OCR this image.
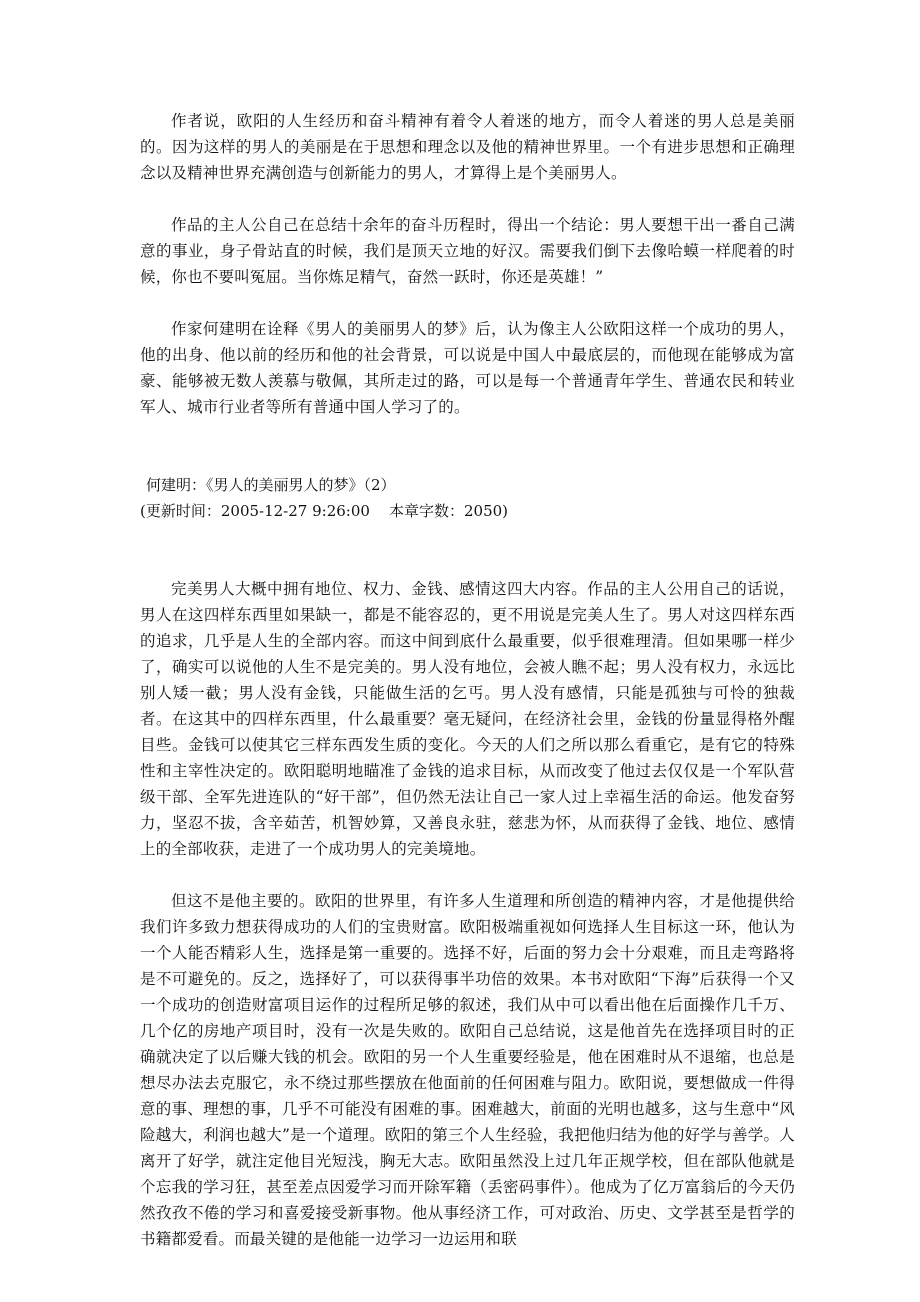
作者说，欧阳的人生经历和奋斗精神有着令人着迷的地方，而令人着迷的男人总是美丽的。因为这样的男人的美丽是在于思想和理念以及他的精神世界里。一个有进步思想和正确理念以及精神世界充满创造与创新能力的男人，才算得上是个美丽男人。

作品的主人公自己在总结十余年的奋斗历程时，得出一个结论：男人要想干出一番自己满意的事业，身子骨站直的时候，我们是顶天立地的好汉。需要我们倒下去像哈蟆一样爬着的时候，你也不要叫冤屈。当你炼足精气，奋然一跃时，你还是英雄！”

作家何建明在诠释《男人的美丽男人的梦》后，认为像主人公欧阳这样一个成功的男人，他的出身、他以前的经历和他的社会背景，可以说是中国人中最底层的，而他现在能够成为富豪、能够被无数人羡慕与敬佩，其所走过的路，可以是每一个普通青年学生、普通农民和转业军人、城市行业者等所有普通中国人学习了的。

何建明：《男人的美丽男人的梦》（2）

(更新时间：2005-12-27 9:26:00    本章字数：2050)

完美男人大概中拥有地位、权力、金钱、感情这四大内容。作品的主人公用自己的话说，男人在这四样东西里如果缺一，都是不能容忍的，更不用说是完美人生了。男人对这四样东西的追求，几乎是人生的全部内容。而这中间到底什么最重要，似乎很难理清。但如果哪一样少了，确实可以说他的人生不是完美的。男人没有地位，会被人瞧不起；男人没有权力，永远比别人矮一截；男人没有金钱，只能做生活的乞丐。男人没有感情，只能是孤独与可怜的独裁者。在这其中的四样东西里，什么最重要？毫无疑问，在经济社会里，金钱的份量显得格外醒目些。金钱可以使其它三样东西发生质的变化。今天的人们之所以那么看重它，是有它的特殊性和主宰性决定的。欧阳聪明地瞄准了金钱的追求目标，从而改变了他过去仅仅是一个军队营级干部、全军先进连队的“好干部”，但仍然无法让自己一家人过上幸福生活的命运。他发奋努力，坚忍不拔，含辛茹苦，机智妙算，又善良永驻，慈悲为怀，从而获得了金钱、地位、感情上的全部收获，走进了一个成功男人的完美境地。

但这不是他主要的。欧阳的世界里，有许多人生道理和所创造的精神内容，才是他提供给我们许多致力想获得成功的人们的宝贵财富。欧阳极端重视如何选择人生目标这一环，他认为一个人能否精彩人生，选择是第一重要的。选择不好，后面的努力会十分艰难，而且走弯路将是不可避免的。反之，选择好了，可以获得事半功倍的效果。本书对欧阳“下海”后获得一个又一个成功的创造财富项目运作的过程所足够的叙述，我们从中可以看出他在后面操作几千万、几个亿的房地产项目时，没有一次是失败的。欧阳自己总结说，这是他首先在选择项目时的正确就决定了以后赚大钱的机会。欧阳的另一个人生重要经验是，他在困难时从不退缩，也总是想尽办法去克服它，永不绕过那些摆放在他面前的任何困难与阻力。欧阳说，要想做成一件得意的事、理想的事，几乎不可能没有困难的事。困难越大，前面的光明也越多，这与生意中“风险越大，利润也越大”是一个道理。欧阳的第三个人生经验，我把他归结为他的好学与善学。人离开了好学，就注定他目光短浅，胸无大志。欧阳虽然没上过几年正规学校，但在部队他就是个忘我的学习狂，甚至差点因爱学习而开除军籍（丢密码事件）。他成为了亿万富翁后的今天仍然孜孜不倦的学习和喜爱接受新事物。他从事经济工作，可对政治、历史、文学甚至是哲学的书籍都爱看。而最关键的是他能一边学习一边运用和联
